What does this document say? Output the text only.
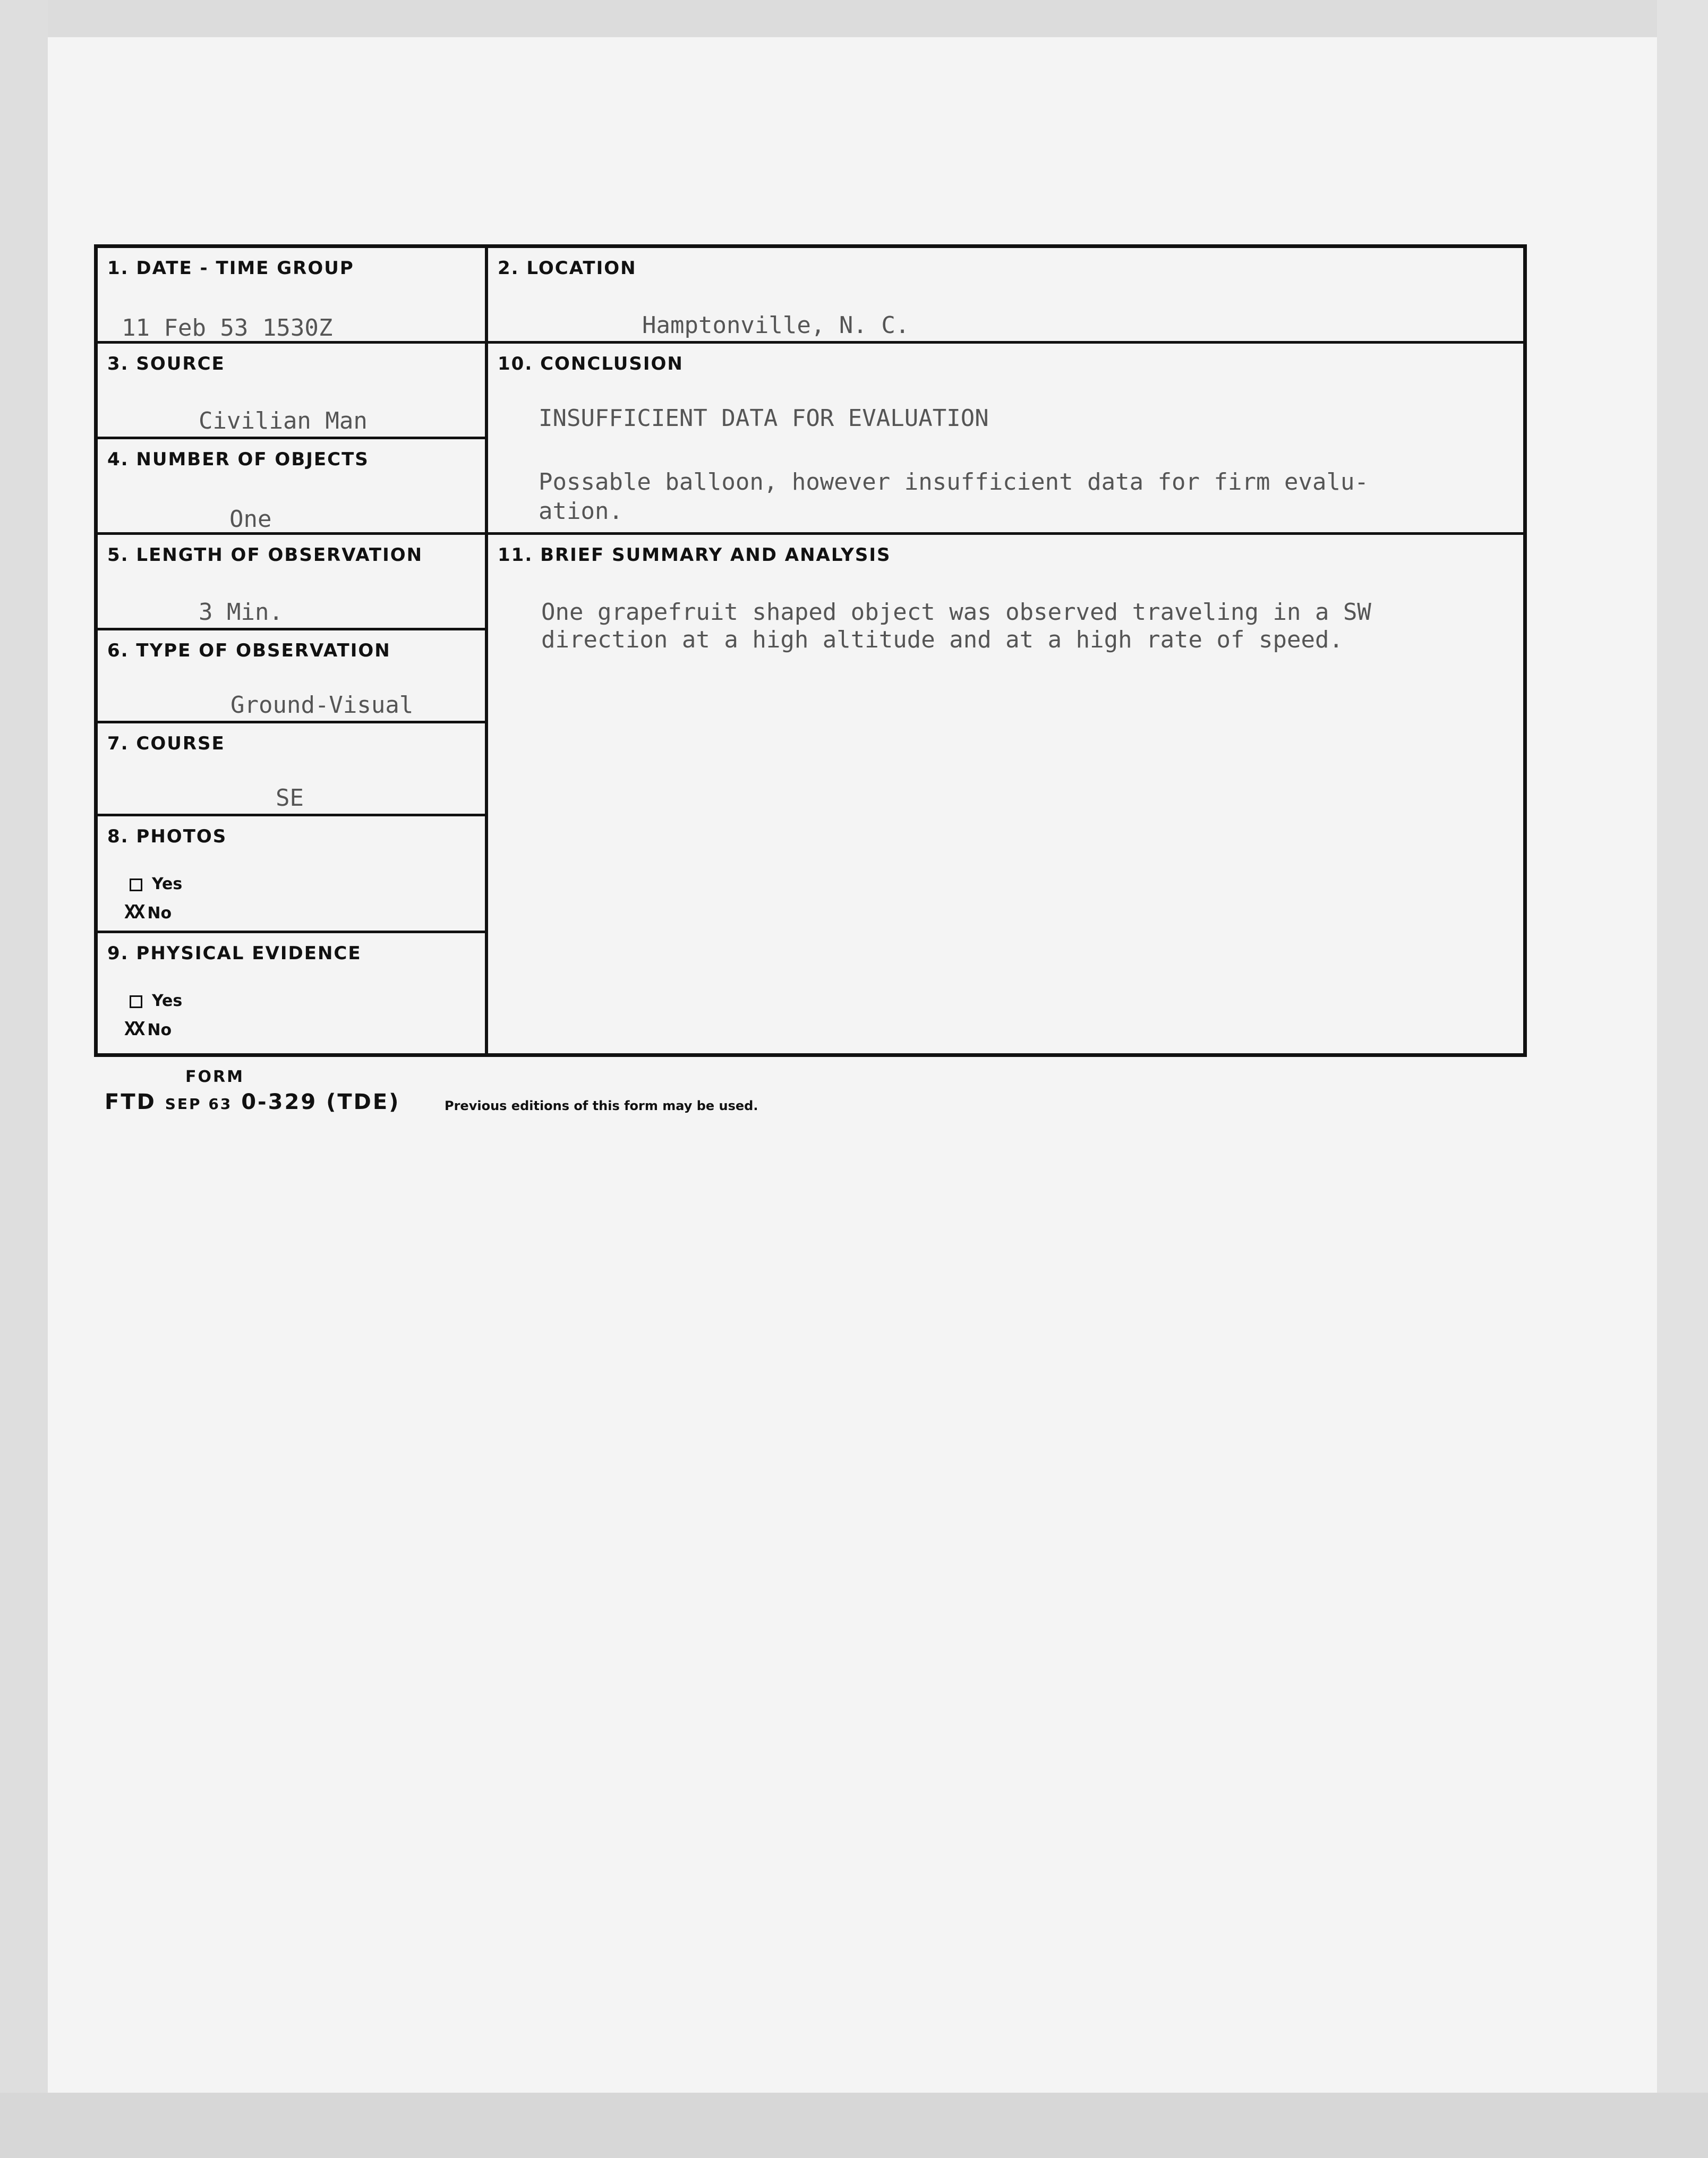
1. DATE - TIME GROUP
11 Feb 53 1530Z
3. SOURCE
Civilian Man
4. NUMBER OF OBJECTS
One
5. LENGTH OF OBSERVATION
3 Min.
6. TYPE OF OBSERVATION
Ground-Visual
7. COURSE
SE
8. PHOTOS
Yes
XX No
9. PHYSICAL EVIDENCE
Yes
XX No
2. LOCATION
Hamptonville, N. C.
10. CONCLUSION
INSUFFICIENT DATA FOR EVALUATION
Possable balloon, however insufficient data for firm evalu-
ation.
11. BRIEF SUMMARY AND ANALYSIS
One grapefruit shaped object was observed traveling in a SW
direction at a high altitude and at a high rate of speed.
FORM
FTD SEP 63 0-329 (TDE)	Previous editions of this form may be used.
